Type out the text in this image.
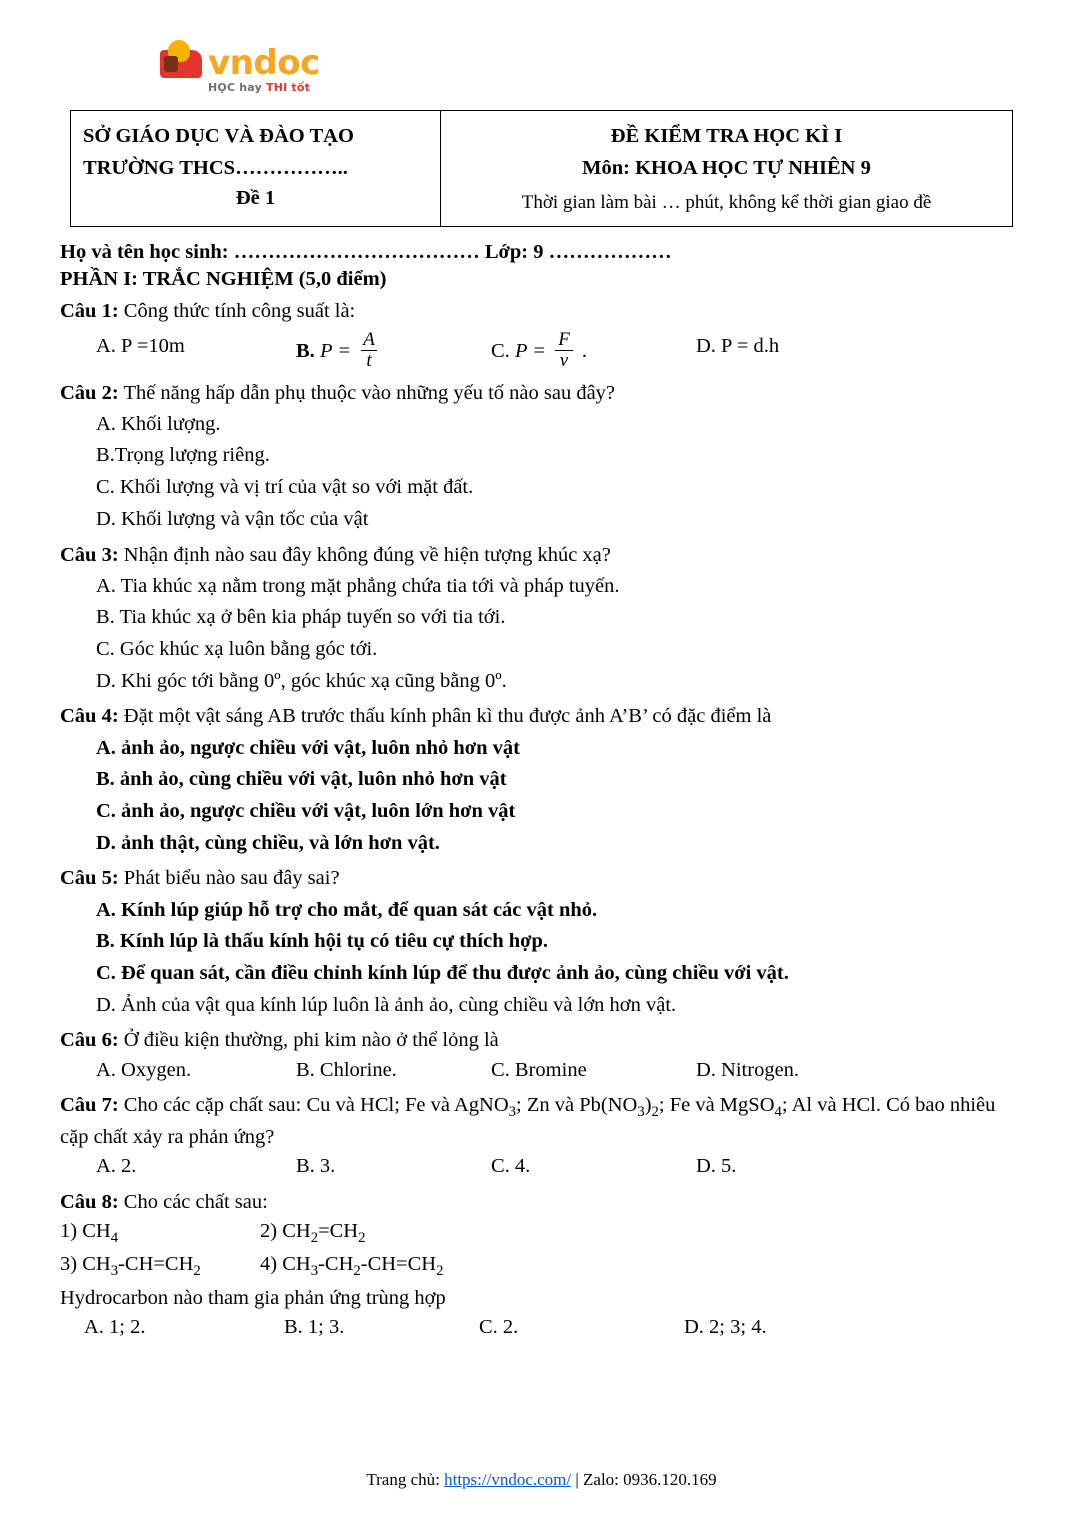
vndoc
HỌC hay THI tốt
SỞ GIÁO DỤC VÀ ĐÀO TẠO
TRƯỜNG THCS……………..
Đề 1

ĐỀ KIỂM TRA HỌC KÌ I
Môn: KHOA HỌC TỰ NHIÊN 9
Thời gian làm bài … phút, không kể thời gian giao đề
Họ và tên học sinh: ……………………………… Lớp: 9 ………………
PHẦN I: TRẮC NGHIỆM (5,0 điểm)
Câu 1: Công thức tính công suất là:
A. P =10m	B. $P = \frac{A}{t}$	C. $P = \frac{F}{v}$ .	D. P = d.h
Câu 2: Thế năng hấp dẫn phụ thuộc vào những yếu tố nào sau đây?
A. Khối lượng.
B.Trọng lượng riêng.
C. Khối lượng và vị trí của vật so với mặt đất.
D. Khối lượng và vận tốc của vật
Câu 3: Nhận định nào sau đây không đúng về hiện tượng khúc xạ?
A. Tia khúc xạ nằm trong mặt phẳng chứa tia tới và pháp tuyến.
B. Tia khúc xạ ở bên kia pháp tuyến so với tia tới.
C. Góc khúc xạ luôn bằng góc tới.
D. Khi góc tới bằng 0º, góc khúc xạ cũng bằng 0º.
Câu 4: Đặt một vật sáng AB trước thấu kính phân kì thu được ảnh A’B’ có đặc điểm là
A. ảnh ảo, ngược chiều với vật, luôn nhỏ hơn vật
B. ảnh ảo, cùng chiều với vật, luôn nhỏ hơn vật
C. ảnh ảo, ngược chiều với vật, luôn lớn hơn vật
D. ảnh thật, cùng chiều, và lớn hơn vật.
Câu 5: Phát biểu nào sau đây sai?
A. Kính lúp giúp hỗ trợ cho mắt, để quan sát các vật nhỏ.
B. Kính lúp là thấu kính hội tụ có tiêu cự thích hợp.
C. Để quan sát, cần điều chỉnh kính lúp để thu được ảnh ảo, cùng chiều với vật.
D. Ảnh của vật qua kính lúp luôn là ảnh ảo, cùng chiều và lớn hơn vật.
Câu 6: Ở điều kiện thường, phi kim nào ở thể lỏng là
A. Oxygen.	B. Chlorine.	C. Bromine	D. Nitrogen.
Câu 7: Cho các cặp chất sau: Cu và HCl; Fe và AgNO$_3$; Zn và $Pb(NO_3)_2$; Fe và MgSO$_4$; Al và HCl. Có bao nhiêu cặp chất xảy ra phản ứng?
A. 2.	B. 3.	C. 4.	D. 5.
Câu 8: Cho các chất sau:
1) $CH_4$	2) $CH_2=CH_2$
3) $CH_3-CH=CH_2$	4) $CH_3-CH_2-CH=CH_2$
Hydrocarbon nào tham gia phản ứng trùng hợp
A. 1; 2.	B. 1; 3.	C. 2.	D. 2; 3; 4.
Trang chủ: https://vndoc.com/ | Zalo: 0936.120.169
